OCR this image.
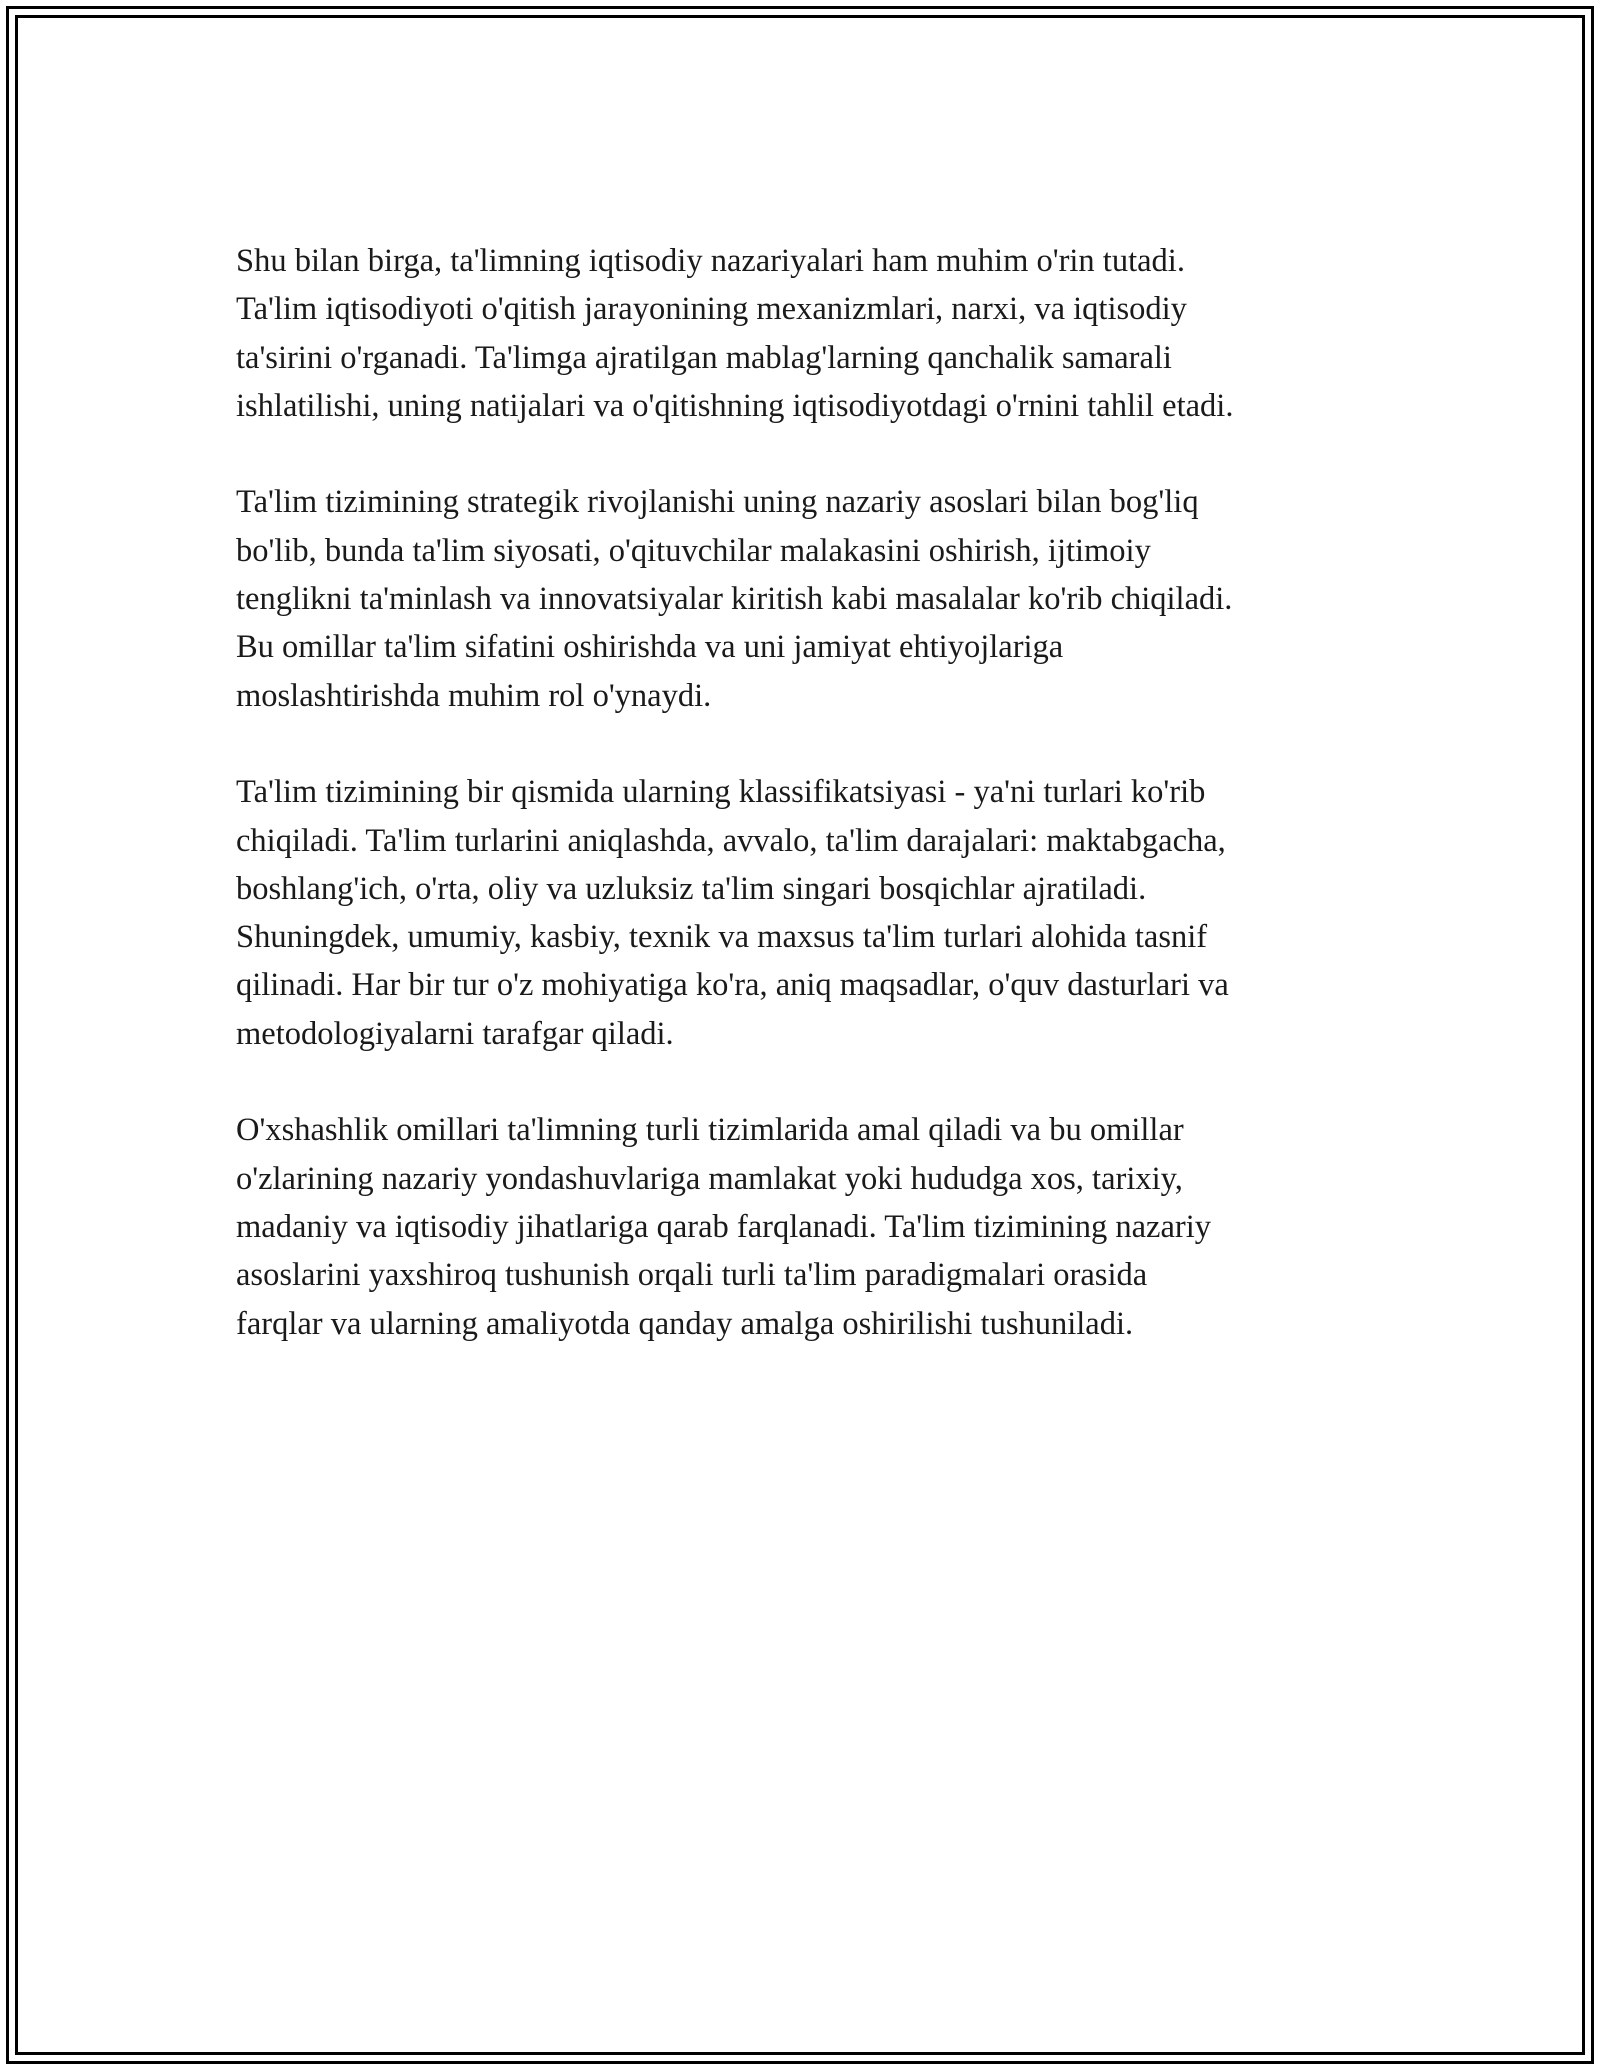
Shu bilan birga, ta'limning iqtisodiy nazariyalari ham muhim o'rin tutadi.
Ta'lim iqtisodiyoti o'qitish jarayonining mexanizmlari, narxi, va iqtisodiy
ta'sirini o'rganadi. Ta'limga ajratilgan mablag'larning qanchalik samarali
ishlatilishi, uning natijalari va o'qitishning iqtisodiyotdagi o'rnini tahlil etadi.

Ta'lim tizimining strategik rivojlanishi uning nazariy asoslari bilan bog'liq
bo'lib, bunda ta'lim siyosati, o'qituvchilar malakasini oshirish, ijtimoiy
tenglikni ta'minlash va innovatsiyalar kiritish kabi masalalar ko'rib chiqiladi.
Bu omillar ta'lim sifatini oshirishda va uni jamiyat ehtiyojlariga
moslashtirishda muhim rol o'ynaydi.

Ta'lim tizimining bir qismida ularning klassifikatsiyasi - ya'ni turlari ko'rib
chiqiladi. Ta'lim turlarini aniqlashda, avvalo, ta'lim darajalari: maktabgacha,
boshlang'ich, o'rta, oliy va uzluksiz ta'lim singari bosqichlar ajratiladi.
Shuningdek, umumiy, kasbiy, texnik va maxsus ta'lim turlari alohida tasnif
qilinadi. Har bir tur o'z mohiyatiga ko'ra, aniq maqsadlar, o'quv dasturlari va
metodologiyalarni tarafgar qiladi.

O'xshashlik omillari ta'limning turli tizimlarida amal qiladi va bu omillar
o'zlarining nazariy yondashuvlariga mamlakat yoki hududga xos, tarixiy,
madaniy va iqtisodiy jihatlariga qarab farqlanadi. Ta'lim tizimining nazariy
asoslarini yaxshiroq tushunish orqali turli ta'lim paradigmalari orasida
farqlar va ularning amaliyotda qanday amalga oshirilishi tushuniladi.
